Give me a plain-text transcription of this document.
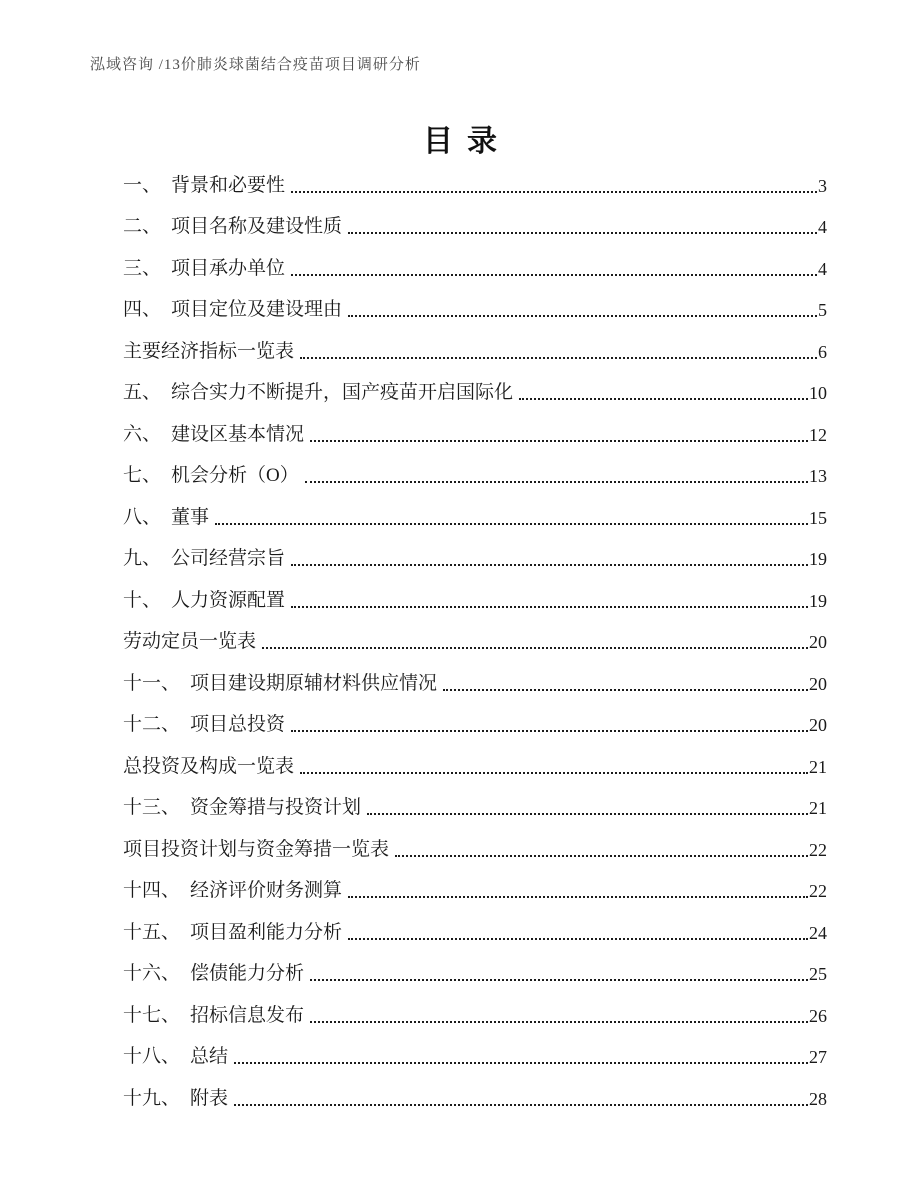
泓域咨询 /13价肺炎球菌结合疫苗项目调研分析
目录
一、 背景和必要性	3
二、 项目名称及建设性质	4
三、 项目承办单位	4
四、 项目定位及建设理由	5
主要经济指标一览表	6
五、 综合实力不断提升，国产疫苗开启国际化	10
六、 建设区基本情况	12
七、 机会分析（O）	13
八、 董事	15
九、 公司经营宗旨	19
十、 人力资源配置	19
劳动定员一览表	20
十一、 项目建设期原辅材料供应情况	20
十二、 项目总投资	20
总投资及构成一览表	21
十三、 资金筹措与投资计划	21
项目投资计划与资金筹措一览表	22
十四、 经济评价财务测算	22
十五、 项目盈利能力分析	24
十六、 偿债能力分析	25
十七、 招标信息发布	26
十八、 总结	27
十九、 附表	28
